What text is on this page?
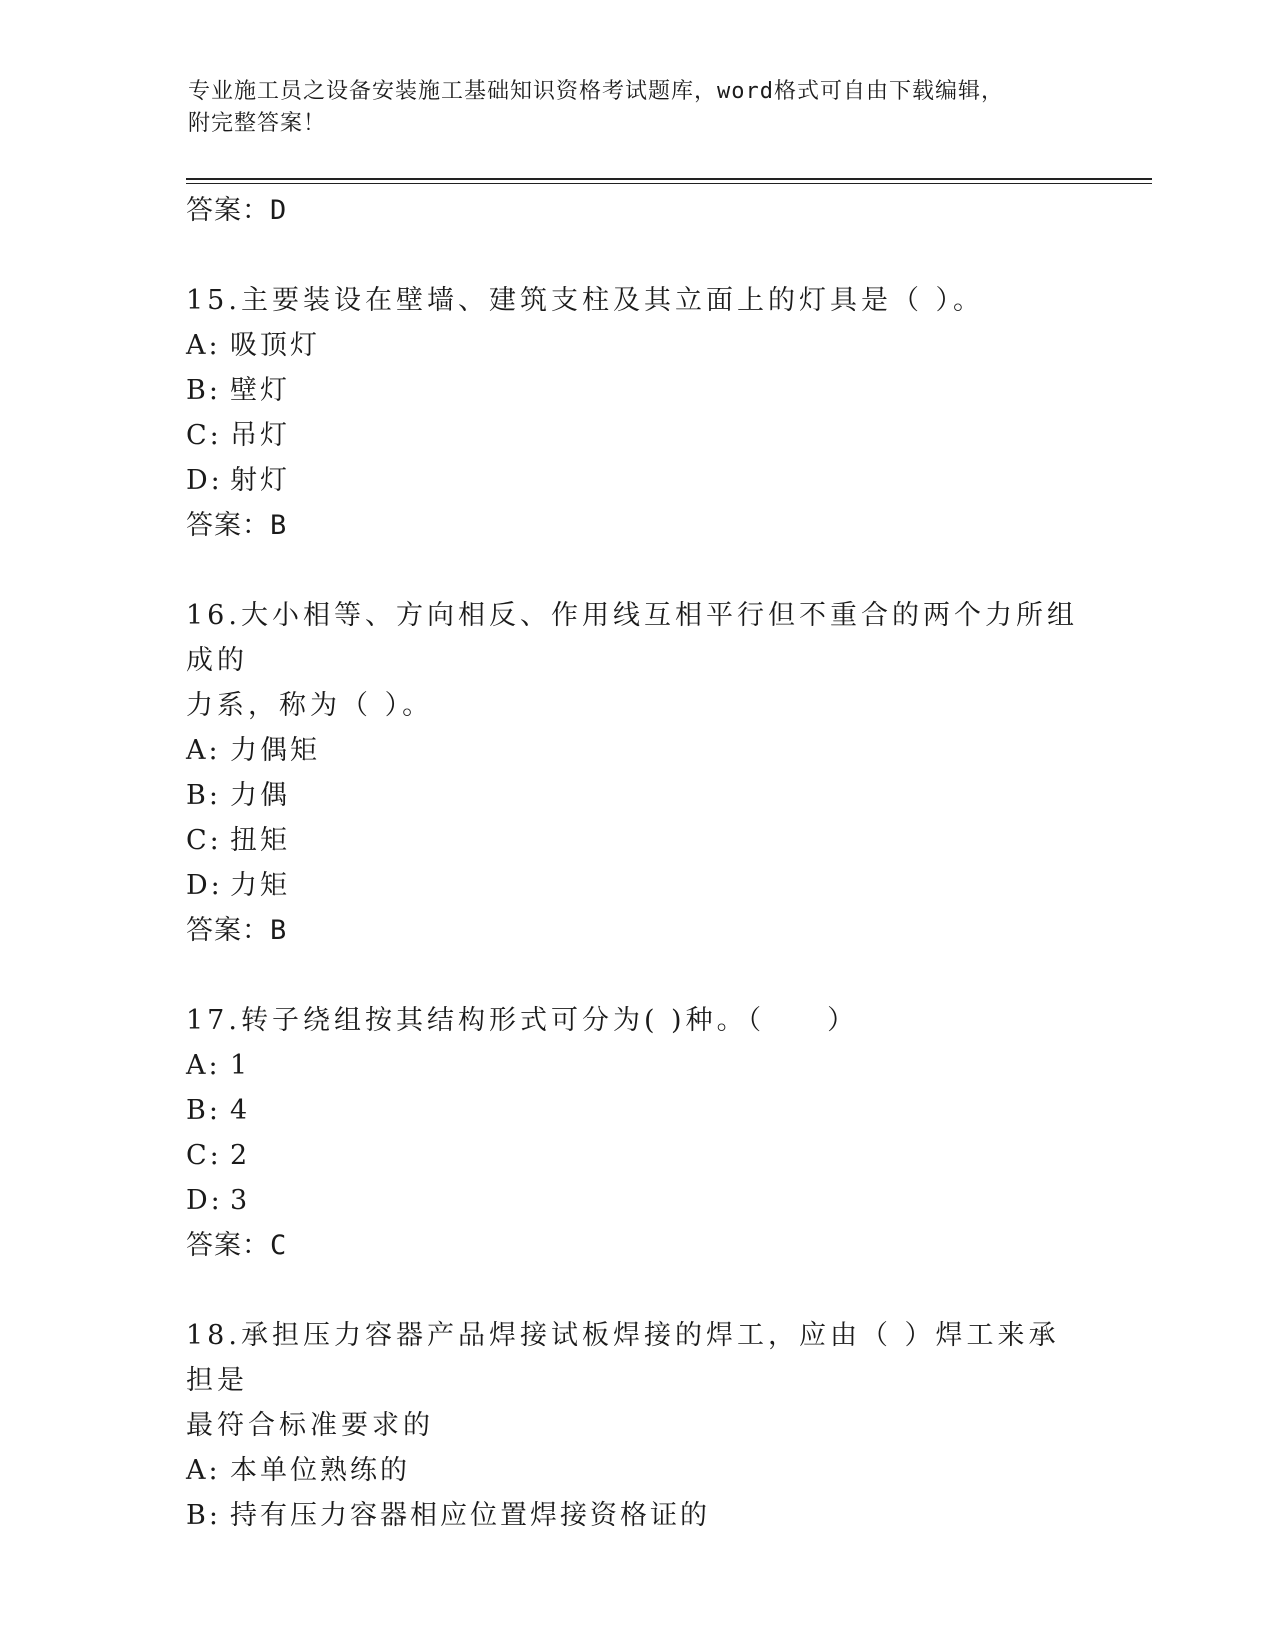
专业施工员之设备安装施工基础知识资格考试题库，word格式可自由下载编辑，
附完整答案！
答案：D
15.主要装设在壁墙、建筑支柱及其立面上的灯具是（ ）。
A: 吸顶灯
B: 壁灯
C: 吊灯
D: 射灯
答案：B
16.大小相等、方向相反、作用线互相平行但不重合的两个力所组成的
力系，称为（ ）。
A: 力偶矩
B: 力偶
C: 扭矩
D: 力矩
答案：B
17.转子绕组按其结构形式可分为( )种。（　　）
A: 1
B: 4
C: 2
D: 3
答案：C
18.承担压力容器产品焊接试板焊接的焊工，应由（ ）焊工来承担是
最符合标准要求的
A: 本单位熟练的
B: 持有压力容器相应位置焊接资格证的
